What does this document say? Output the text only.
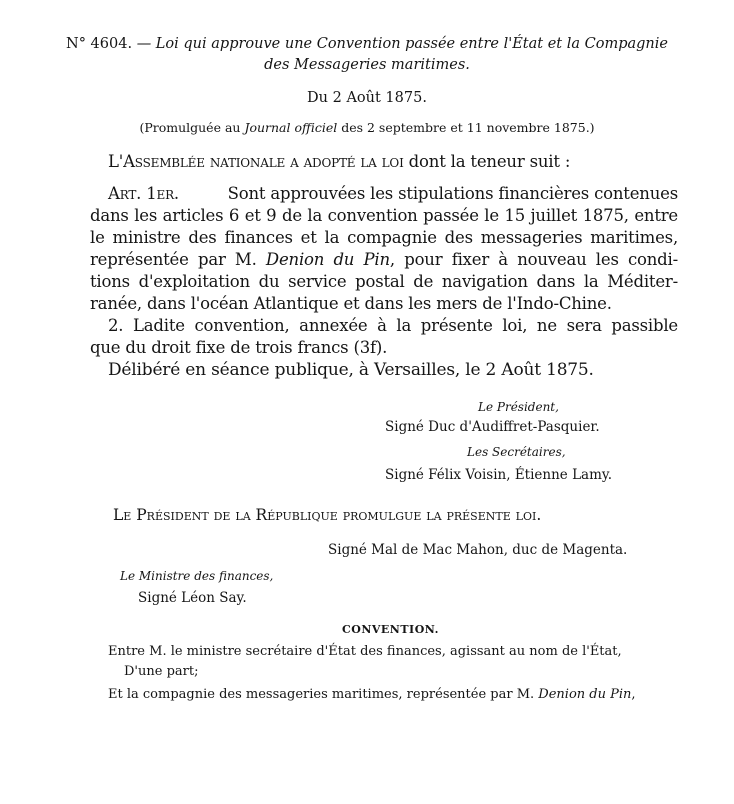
N° 4604. — Loi qui approuve une Convention passée entre l'État et la Compagnie
des Messageries maritimes.
Du 2 Août 1875.
(Promulguée au Journal officiel des 2 septembre et 11 novembre 1875.)
L'Assemblée nationale a adopté la loi dont la teneur suit :
Art. 1er.	Sont approuvées les stipulations financières contenues
dans les articles 6 et 9 de la convention passée le 15 juillet 1875, entre
le ministre des finances et la compagnie des messageries maritimes,
représentée par M. Denion du Pin, pour fixer à nouveau les condi-
tions d'exploitation du service postal de navigation dans la Méditer-
ranée, dans l'océan Atlantique et dans les mers de l'Indo-Chine.
2. Ladite convention, annexée à la présente loi, ne sera passible
que du droit fixe de trois francs (3f).
Délibéré en séance publique, à Versailles, le 2 Août 1875.
Le Président,
Signé Duc d'Audiffret-Pasquier.
Les Secrétaires,
Signé Félix Voisin, Étienne Lamy.
Le Président de la République promulgue la présente loi.
Signé Mal de Mac Mahon, duc de Magenta.
Le Ministre des finances,
Signé Léon Say.
CONVENTION.
Entre M. le ministre secrétaire d'État des finances, agissant au nom de l'État,
D'une part;
Et la compagnie des messageries maritimes, représentée par M. Denion du Pin,
